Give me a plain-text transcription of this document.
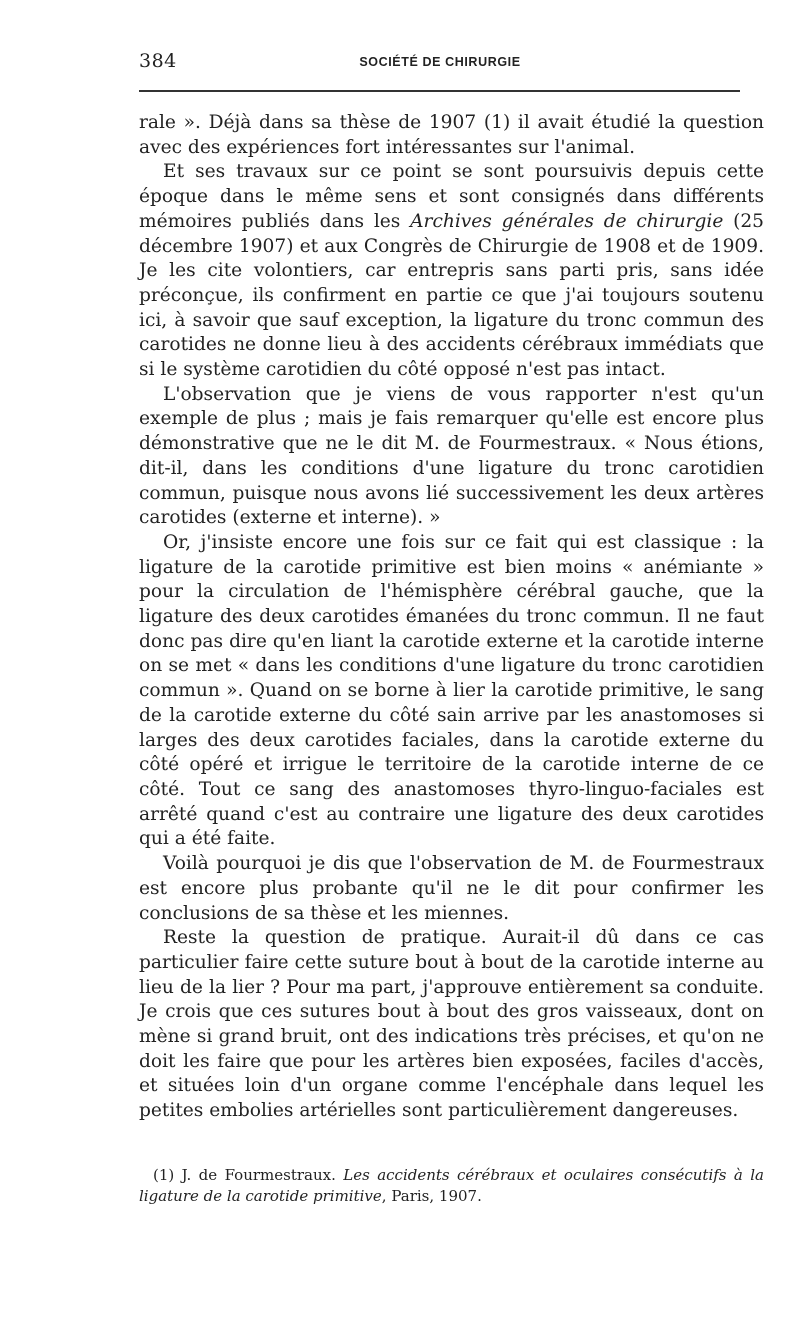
384	SOCIÉTÉ DE CHIRURGIE

rale ». Déjà dans sa thèse de 1907 (1) il avait étudié la question avec des expériences fort intéressantes sur l'animal.

Et ses travaux sur ce point se sont poursuivis depuis cette époque dans le même sens et sont consignés dans différents mémoires publiés dans les Archives générales de chirurgie (25 décembre 1907) et aux Congrès de Chirurgie de 1908 et de 1909. Je les cite volontiers, car entrepris sans parti pris, sans idée préconçue, ils confirment en partie ce que j'ai toujours soutenu ici, à savoir que sauf exception, la ligature du tronc commun des carotides ne donne lieu à des accidents cérébraux immédiats que si le système carotidien du côté opposé n'est pas intact.

L'observation que je viens de vous rapporter n'est qu'un exemple de plus ; mais je fais remarquer qu'elle est encore plus démonstrative que ne le dit M. de Fourmestraux. « Nous étions, dit-il, dans les conditions d'une ligature du tronc carotidien commun, puisque nous avons lié successivement les deux artères carotides (externe et interne). »

Or, j'insiste encore une fois sur ce fait qui est classique : la ligature de la carotide primitive est bien moins « anémiante » pour la circulation de l'hémisphère cérébral gauche, que la ligature des deux carotides émanées du tronc commun. Il ne faut donc pas dire qu'en liant la carotide externe et la carotide interne on se met « dans les conditions d'une ligature du tronc carotidien commun ». Quand on se borne à lier la carotide primitive, le sang de la carotide externe du côté sain arrive par les anastomoses si larges des deux carotides faciales, dans la carotide externe du côté opéré et irrigue le territoire de la carotide interne de ce côté. Tout ce sang des anastomoses thyro-linguo-faciales est arrêté quand c'est au contraire une ligature des deux carotides qui a été faite.

Voilà pourquoi je dis que l'observation de M. de Fourmestraux est encore plus probante qu'il ne le dit pour confirmer les conclusions de sa thèse et les miennes.

Reste la question de pratique. Aurait-il dû dans ce cas particulier faire cette suture bout à bout de la carotide interne au lieu de la lier ? Pour ma part, j'approuve entièrement sa conduite. Je crois que ces sutures bout à bout des gros vaisseaux, dont on mène si grand bruit, ont des indications très précises, et qu'on ne doit les faire que pour les artères bien exposées, faciles d'accès, et situées loin d'un organe comme l'encéphale dans lequel les petites embolies artérielles sont particulièrement dangereuses.

(1) J. de Fourmestraux. Les accidents cérébraux et oculaires consécutifs à la ligature de la carotide primitive, Paris, 1907.
